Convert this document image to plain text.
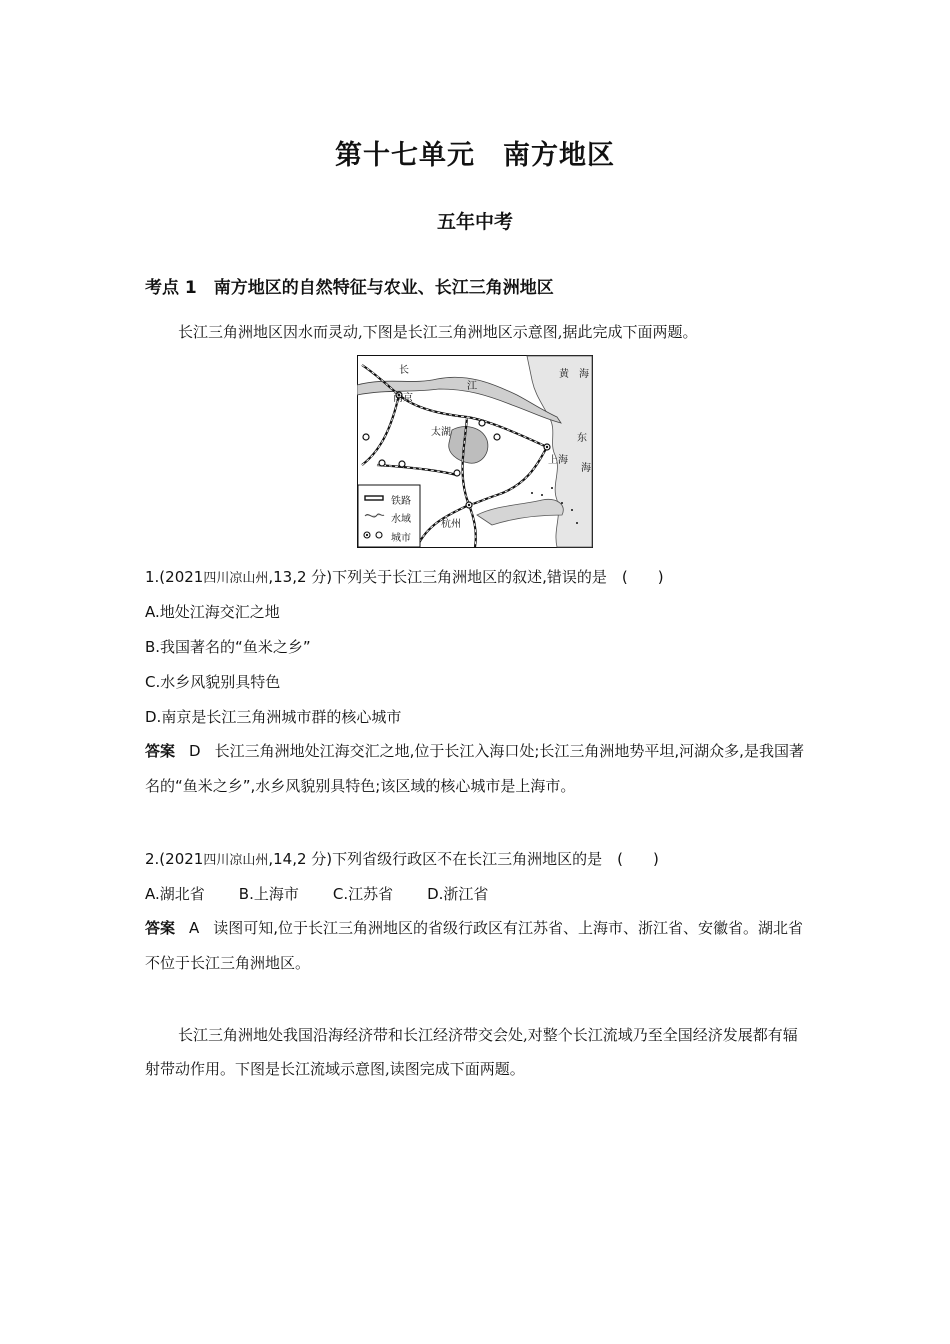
第十七单元　南方地区
五年中考
考点 1　南方地区的自然特征与农业、长江三角洲地区
长江三角洲地区因水而灵动,下图是长江三角洲地区示意图,据此完成下面两题。
长
江
黄　海
南京
太湖
东
上海
海
杭州
铁路
水域
城市
1.(2021四川凉山州,13,2 分)下列关于长江三角洲地区的叙述,错误的是　(　　)
A.地处江海交汇之地
B.我国著名的“鱼米之乡”
C.水乡风貌别具特色
D.南京是长江三角洲城市群的核心城市
答案 D 长江三角洲地处江海交汇之地,位于长江入海口处;长江三角洲地势平坦,河湖众多,是我国著名的“鱼米之乡”,水乡风貌别具特色;该区域的核心城市是上海市。
2.(2021四川凉山州,14,2 分)下列省级行政区不在长江三角洲地区的是　(　　)
A.湖北省 B.上海市 C.江苏省 D.浙江省
答案 A 读图可知,位于长江三角洲地区的省级行政区有江苏省、上海市、浙江省、安徽省。湖北省不位于长江三角洲地区。
长江三角洲地处我国沿海经济带和长江经济带交会处,对整个长江流域乃至全国经济发展都有辐射带动作用。下图是长江流域示意图,读图完成下面两题。
